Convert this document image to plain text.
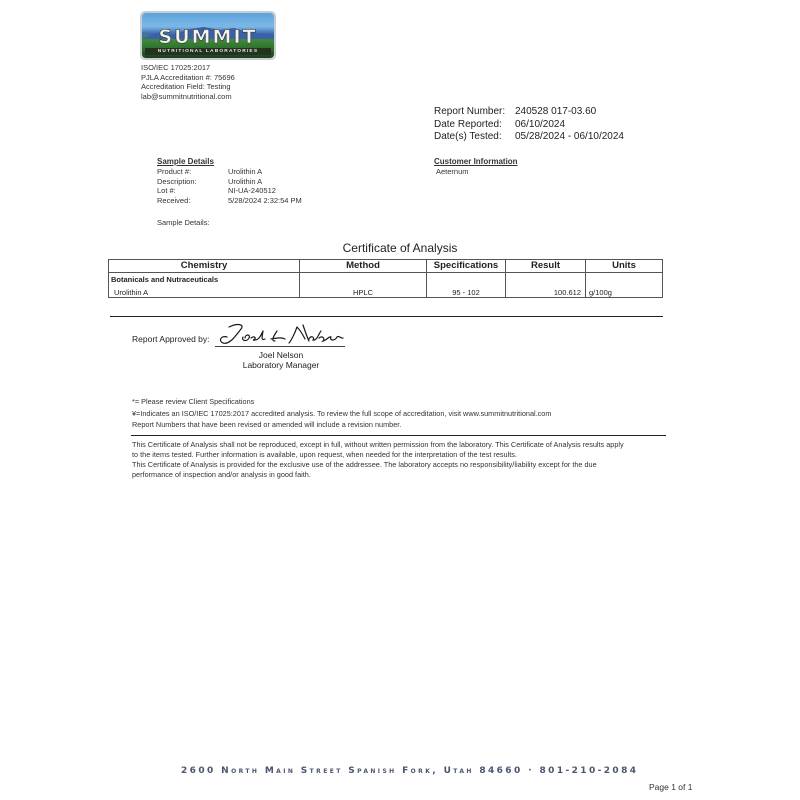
SUMMIT
NUTRITIONAL LABORATORIES
ISO/IEC 17025:2017
PJLA Accreditation #: 75696
Accreditation Field: Testing
lab@summitnutritional.com
Report Number: 240528 017-03.60
Date Reported:	06/10/2024
Date(s) Tested:	05/28/2024 - 06/10/2024
Sample Details
Product #:	Urolithin A
Description:	Urolithin A
Lot #:	NI-UA-240512
Received:	5/28/2024 2:32:54 PM
Sample Details:
Customer Information
Aeternum
Certificate of Analysis
Chemistry	Method	Specifications	Result	Units

Botanicals and Nutraceuticals
Urolithin A	HPLC	95 - 102	100.612	g/100g
Report Approved by:
Joel Nelson
Laboratory Manager
*= Please review Client Specifications
¥=Indicates an ISO/IEC 17025:2017 accredited analysis. To review the full scope of accreditation, visit www.summitnutritional.com
Report Numbers that have been revised or amended will include a revision number.
This Certificate of Analysis shall not be reproduced, except in full, without written permission from the laboratory. This Certificate of Analysis results apply
to the items tested. Further information is available, upon request, when needed for the interpretation of the test results.
This Certificate of Analysis is provided for the exclusive use of the addressee. The laboratory accepts no responsibility/liability except for the due
performance of inspection and/or analysis in good faith.
2600 North Main Street Spanish Fork, Utah 84660 · 801-210-2084
Page 1 of 1
